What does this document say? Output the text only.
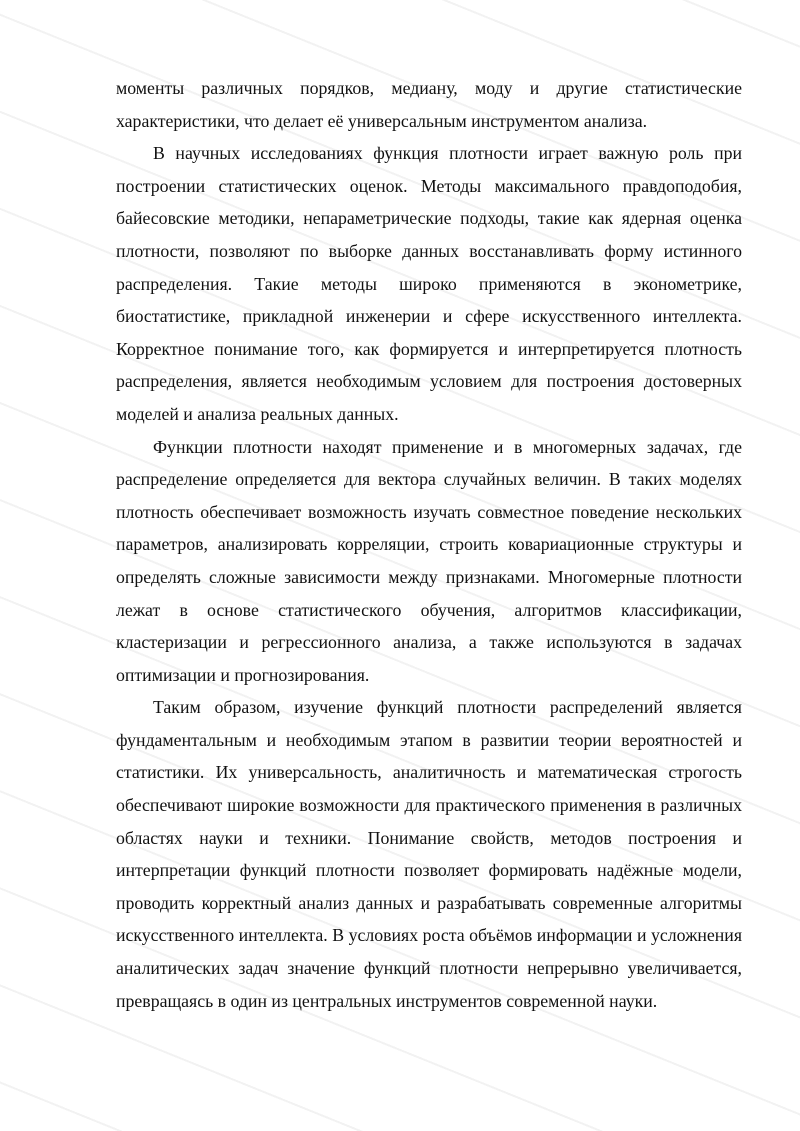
моменты различных порядков, медиану, моду и другие статистические характеристики, что делает её универсальным инструментом анализа.

В научных исследованиях функция плотности играет важную роль при построении статистических оценок. Методы максимального правдоподобия, байесовские методики, непараметрические подходы, такие как ядерная оценка плотности, позволяют по выборке данных восстанавливать форму истинного распределения. Такие методы широко применяются в эконометрике, биостатистике, прикладной инженерии и сфере искусственного интеллекта. Корректное понимание того, как формируется и интерпретируется плотность распределения, является необходимым условием для построения достоверных моделей и анализа реальных данных.

Функции плотности находят применение и в многомерных задачах, где распределение определяется для вектора случайных величин. В таких моделях плотность обеспечивает возможность изучать совместное поведение нескольких параметров, анализировать корреляции, строить ковариационные структуры и определять сложные зависимости между признаками. Многомерные плотности лежат в основе статистического обучения, алгоритмов классификации, кластеризации и регрессионного анализа, а также используются в задачах оптимизации и прогнозирования.

Таким образом, изучение функций плотности распределений является фундаментальным и необходимым этапом в развитии теории вероятностей и статистики. Их универсальность, аналитичность и математическая строгость обеспечивают широкие возможности для практического применения в различных областях науки и техники. Понимание свойств, методов построения и интерпретации функций плотности позволяет формировать надёжные модели, проводить корректный анализ данных и разрабатывать современные алгоритмы искусственного интеллекта. В условиях роста объёмов информации и усложнения аналитических задач значение функций плотности непрерывно увеличивается, превращаясь в один из центральных инструментов современной науки.
